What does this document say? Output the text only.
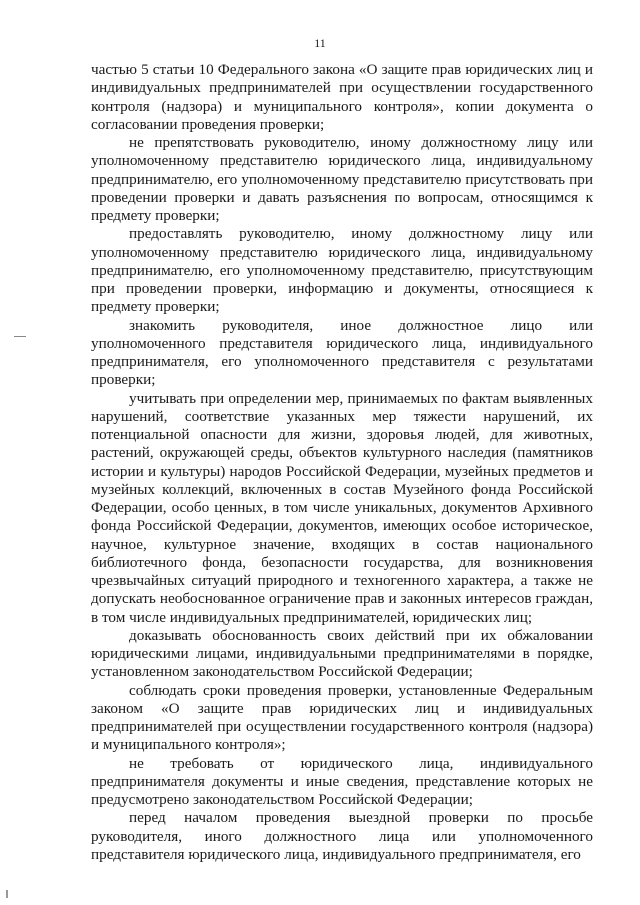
11

частью 5 статьи 10 Федерального закона «О защите прав юридических лиц и индивидуальных предпринимателей при осуществлении государственного контроля (надзора) и муниципального контроля», копии документа о согласовании проведения проверки;

не препятствовать руководителю, иному должностному лицу или уполномоченному представителю юридического лица, индивидуальному предпринимателю, его уполномоченному представителю присутствовать при проведении проверки и давать разъяснения по вопросам, относящимся к предмету проверки;

предоставлять руководителю, иному должностному лицу или уполномоченному представителю юридического лица, индивидуальному предпринимателю, его уполномоченному представителю, присутствующим при проведении проверки, информацию и документы, относящиеся к предмету проверки;

знакомить руководителя, иное должностное лицо или уполномоченного представителя юридического лица, индивидуального предпринимателя, его уполномоченного представителя с результатами проверки;

учитывать при определении мер, принимаемых по фактам выявленных нарушений, соответствие указанных мер тяжести нарушений, их потенциальной опасности для жизни, здоровья людей, для животных, растений, окружающей среды, объектов культурного наследия (памятников истории и культуры) народов Российской Федерации, музейных предметов и музейных коллекций, включенных в состав Музейного фонда Российской Федерации, особо ценных, в том числе уникальных, документов Архивного фонда Российской Федерации, документов, имеющих особое историческое, научное, культурное значение, входящих в состав национального библиотечного фонда, безопасности государства, для возникновения чрезвычайных ситуаций природного и техногенного характера, а также не допускать необоснованное ограничение прав и законных интересов граждан, в том числе индивидуальных предпринимателей, юридических лиц;

доказывать обоснованность своих действий при их обжаловании юридическими лицами, индивидуальными предпринимателями в порядке, установленном законодательством Российской Федерации;

соблюдать сроки проведения проверки, установленные Федеральным законом «О защите прав юридических лиц и индивидуальных предпринимателей при осуществлении государственного контроля (надзора) и муниципального контроля»;

не требовать от юридического лица, индивидуального предпринимателя документы и иные сведения, представление которых не предусмотрено законодательством Российской Федерации;

перед началом проведения выездной проверки по просьбе руководителя, иного должностного лица или уполномоченного представителя юридического лица, индивидуального предпринимателя, его
